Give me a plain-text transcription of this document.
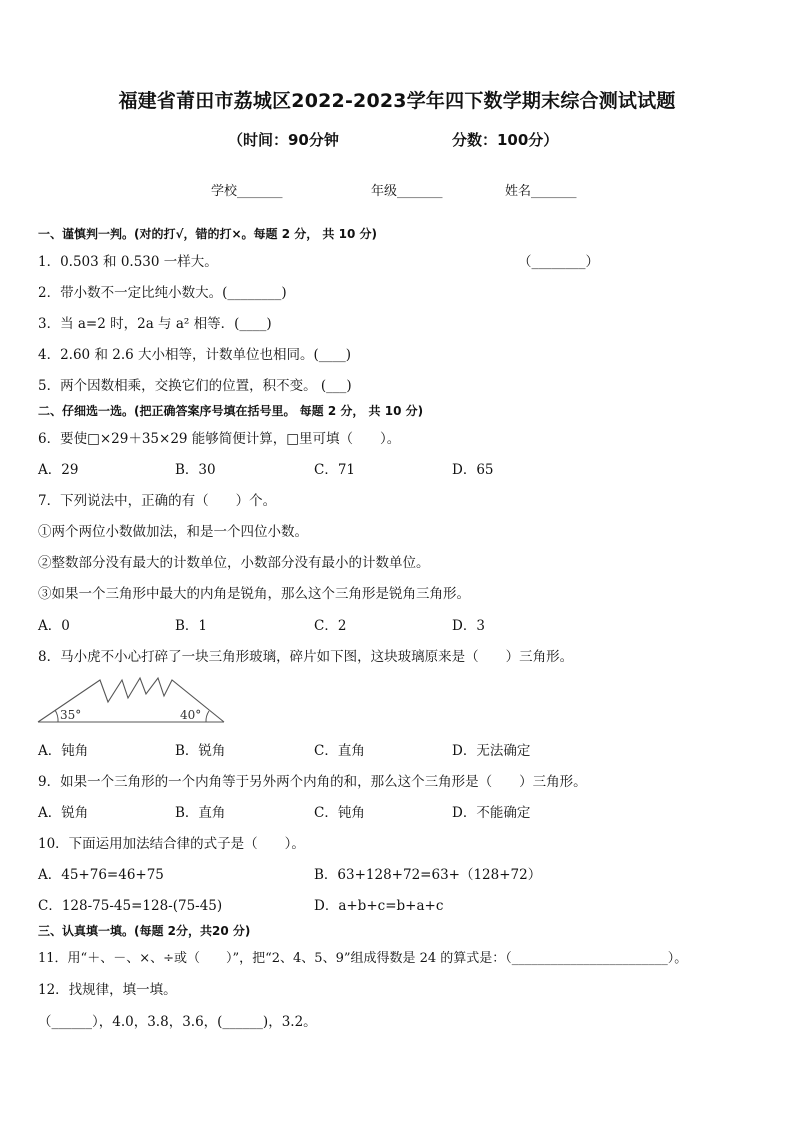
福建省莆田市荔城区2022-2023学年四下数学期末综合测试试题
（时间：90分钟	分数：100分）
学校_______	年级_______	姓名_______
一、谨慎判一判。(对的打√，错的打×。每题 2 分， 共 10 分)
1．0.503 和 0.530 一样大。	（________）
2．带小数不一定比纯小数大。(________)
3．当 a=2 时，2a 与 a² 相等．(____)
4．2.60 和 2.6 大小相等，计数单位也相同。(____)
5．两个因数相乘，交换它们的位置，积不变。 (___)
二、仔细选一选。(把正确答案序号填在括号里。 每题 2 分， 共 10 分)
6．要使□×29＋35×29 能够简便计算，□里可填（　　）。
A．29	B．30	C．71	D．65
7．下列说法中，正确的有（　　）个。
①两个两位小数做加法，和是一个四位小数。
②整数部分没有最大的计数单位，小数部分没有最小的计数单位。
③如果一个三角形中最大的内角是锐角，那么这个三角形是锐角三角形。
A．0	B．1	C．2	D．3
8．马小虎不小心打碎了一块三角形玻璃，碎片如下图，这块玻璃原来是（　　）三角形。
35°	40°
A．钝角	B．锐角	C．直角	D．无法确定
9．如果一个三角形的一个内角等于另外两个内角的和，那么这个三角形是（　　）三角形。
A．锐角	B．直角	C．钝角	D．不能确定
10．下面运用加法结合律的式子是（　　）。
A．45+76=46+75	B．63+128+72=63+（128+72）
C．128-75-45=128-(75-45)	D．a+b+c=b+a+c
三、认真填一填。(每题 2分，共20 分)
11．用“＋、－、×、÷或（　　）”，把“2、4、5、9”组成得数是 24 的算式是：（________________________）。
12．找规律，填一填。
（______），4.0，3.8，3.6，(______)，3.2。
